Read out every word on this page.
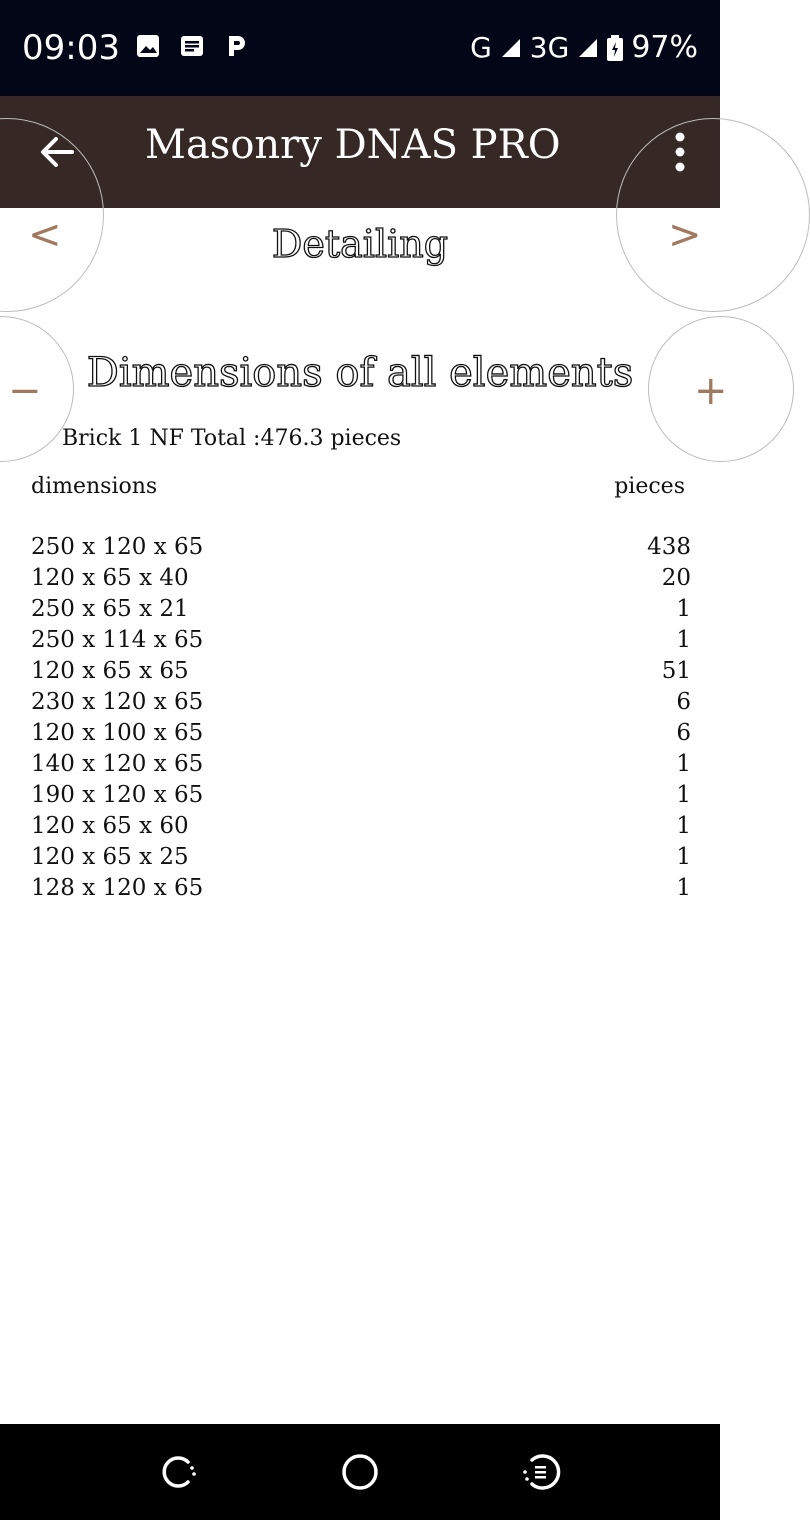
09:03	G 3G 97%
Masonry DNAS PRO
<	>
−	+
Detailing
Dimensions of all elements
Brick 1 NF Total :476.3 pieces
dimensions	pieces
250 x 120 x 65	438
120 x 65 x 40	20
250 x 65 x 21	1
250 x 114 x 65	1
120 x 65 x 65	51
230 x 120 x 65	6
120 x 100 x 65	6
140 x 120 x 65	1
190 x 120 x 65	1
120 x 65 x 60	1
120 x 65 x 25	1
128 x 120 x 65	1
